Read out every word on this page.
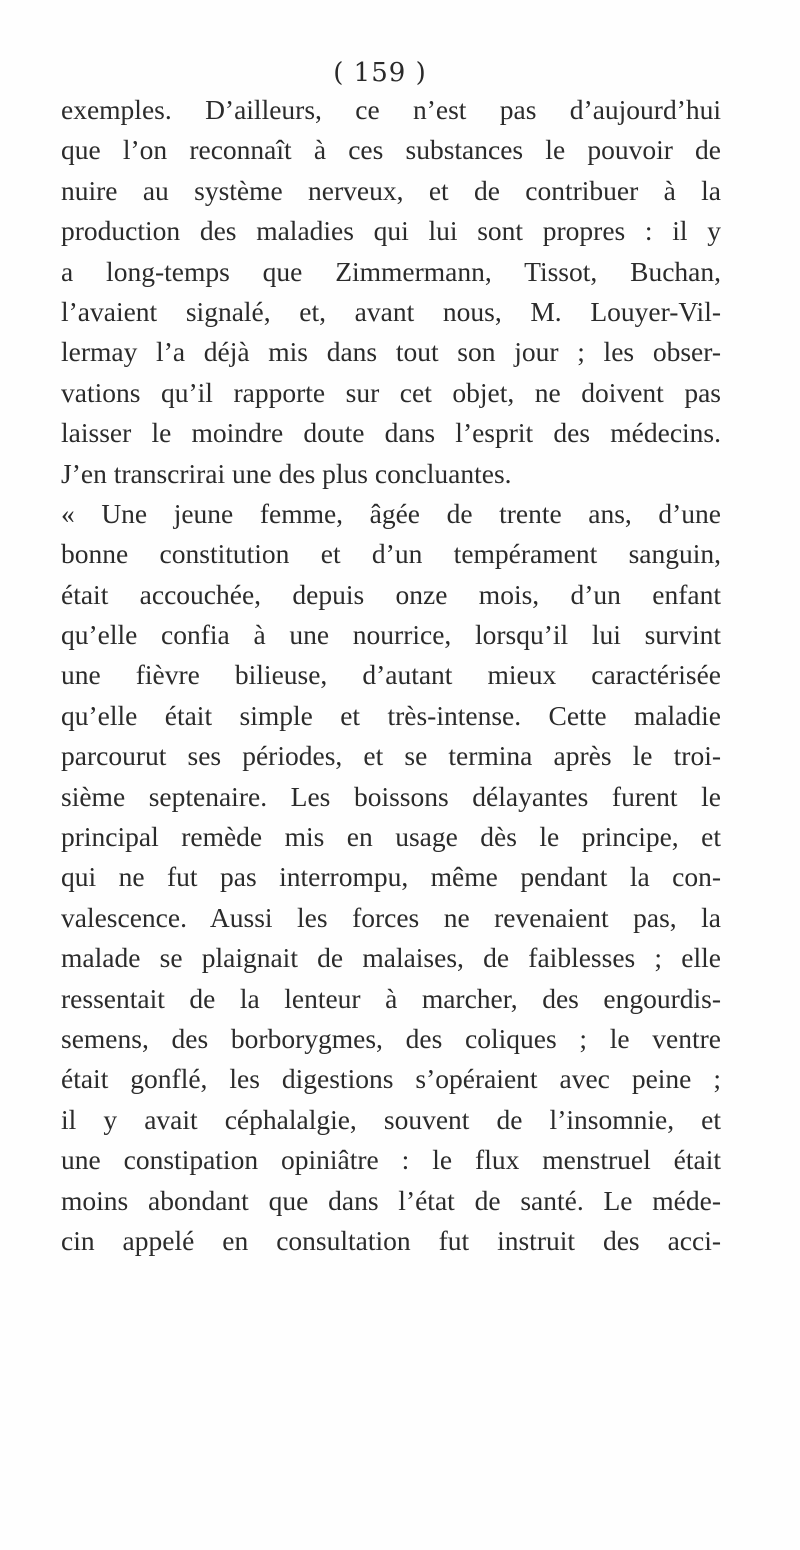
( 159 )
exemples. D’ailleurs, ce n’est pas d’aujourd’hui
que l’on reconnaît à ces substances le pouvoir de
nuire au système nerveux, et de contribuer à la
production des maladies qui lui sont propres : il y
a long-temps que Zimmermann, Tissot, Buchan,
l’avaient signalé, et, avant nous, M. Louyer-Vil-
lermay l’a déjà mis dans tout son jour ; les obser-
vations qu’il rapporte sur cet objet, ne doivent pas
laisser le moindre doute dans l’esprit des médecins.
J’en transcrirai une des plus concluantes.
« Une jeune femme, âgée de trente ans, d’une
bonne constitution et d’un tempérament sanguin,
était accouchée, depuis onze mois, d’un enfant
qu’elle confia à une nourrice, lorsqu’il lui survint
une fièvre bilieuse, d’autant mieux caractérisée
qu’elle était simple et très-intense. Cette maladie
parcourut ses périodes, et se termina après le troi-
sième septenaire. Les boissons délayantes furent le
principal remède mis en usage dès le principe, et
qui ne fut pas interrompu, même pendant la con-
valescence. Aussi les forces ne revenaient pas, la
malade se plaignait de malaises, de faiblesses ; elle
ressentait de la lenteur à marcher, des engourdis-
semens, des borborygmes, des coliques ; le ventre
était gonflé, les digestions s’opéraient avec peine ;
il y avait céphalalgie, souvent de l’insomnie, et
une constipation opiniâtre : le flux menstruel était
moins abondant que dans l’état de santé. Le méde-
cin appelé en consultation fut instruit des acci-
